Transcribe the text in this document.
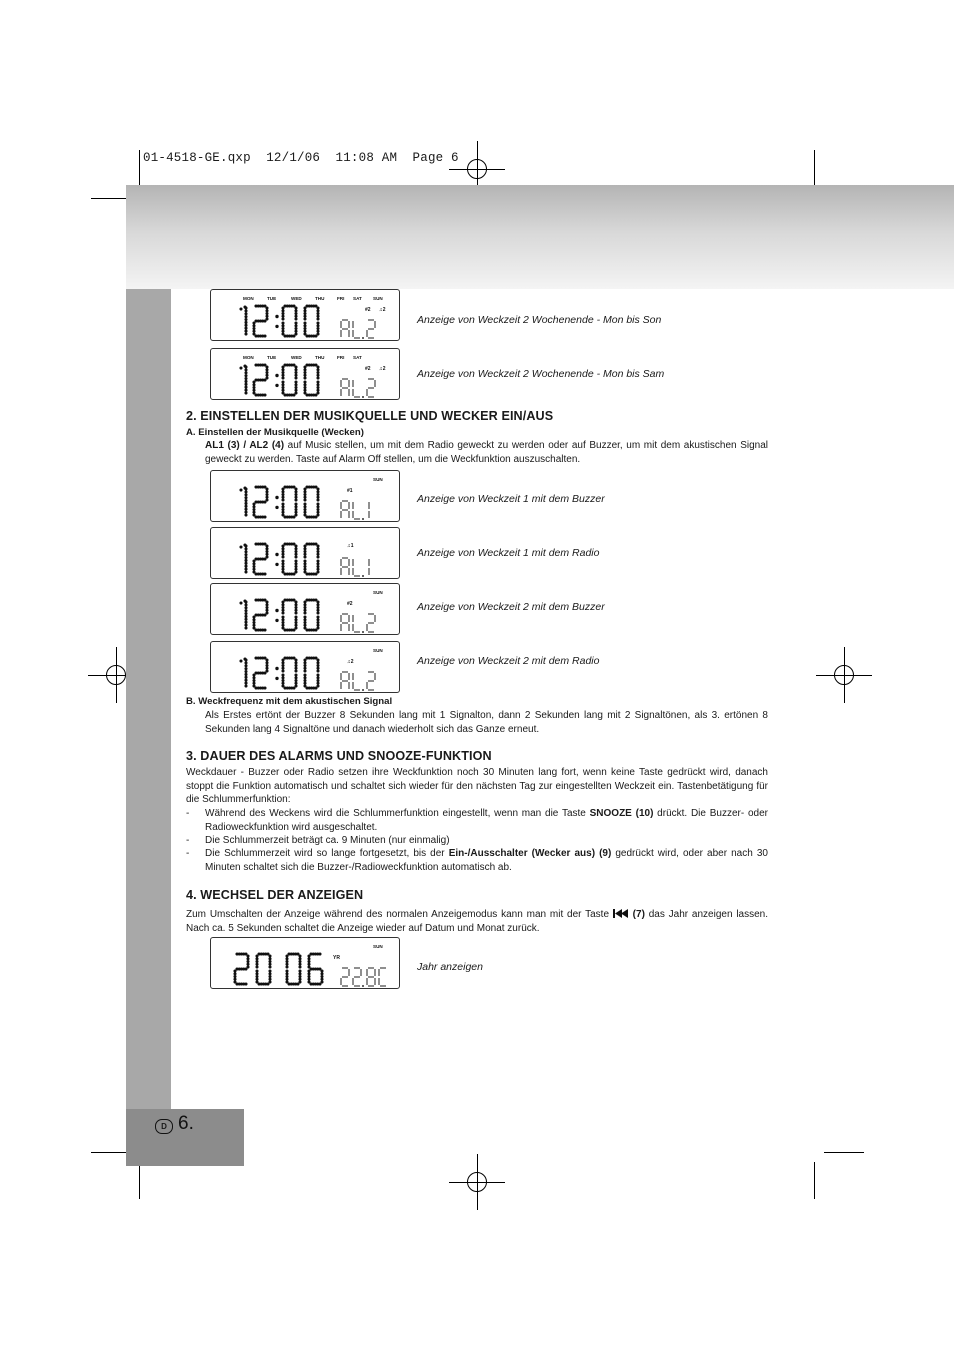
01-4518-GE.qxp  12/1/06  11:08 AM  Page 6
D 6.
MON	TUE	WED	THU	FRI SAT SUN
#2 ♫2
Anzeige von Weckzeit 2 Wochenende - Mon bis Son
MON	TUE	WED	THU	FRI SAT
#2 ♫2	Anzeige von Weckzeit 2 Wochenende - Mon bis Sam
2. EINSTELLEN DER MUSIKQUELLE UND WECKER EIN/AUS
A. Einstellen der Musikquelle (Wecken)
AL1 (3) / AL2 (4) auf Music stellen, um mit dem Radio geweckt zu werden oder auf Buzzer, um mit dem akustischen Signal geweckt zu werden. Taste auf Alarm Off stellen, um die Weckfunktion auszuschalten.
SUN
#1
Anzeige von Weckzeit 1 mit dem Buzzer
♫1
Anzeige von Weckzeit 1 mit dem Radio
SUN
#2	Anzeige von Weckzeit 2 mit dem Buzzer
SUN
♫2	Anzeige von Weckzeit 2 mit dem Radio
B. Weckfrequenz mit dem akustischen Signal
Als Erstes ertönt der Buzzer 8 Sekunden lang mit 1 Signalton, dann 2 Sekunden lang mit 2 Signaltönen, als 3. ertönen 8 Sekunden lang 4 Signaltöne und danach wiederholt sich das Ganze erneut.
3. DAUER DES ALARMS UND SNOOZE-FUNKTION
Weckdauer - Buzzer oder Radio setzen ihre Weckfunktion noch 30 Minuten lang fort, wenn keine Taste gedrückt wird, danach stoppt die Funktion automatisch und schaltet sich wieder für den nächsten Tag zur eingestellten Weckzeit ein. Tastenbetätigung für die Schlummerfunktion:
- Während des Weckens wird die Schlummerfunktion eingestellt, wenn man die Taste SNOOZE (10) drückt. Die Buzzer- oder Radioweckfunktion wird ausgeschaltet.
- Die Schlummerzeit beträgt ca. 9 Minuten (nur einmalig)
- Die Schlummerzeit wird so lange fortgesetzt, bis der Ein-/Ausschalter (Wecker aus) (9) gedrückt wird, oder aber nach 30 Minuten schaltet sich die Buzzer-/Radioweckfunktion automatisch ab.
4. WECHSEL DER ANZEIGEN
Zum Umschalten der Anzeige während des normalen Anzeigemodus kann man mit der Taste  (7) das Jahr anzeigen lassen. Nach ca. 5 Sekunden schaltet die Anzeige wieder auf Datum und Monat zurück.
SUN
YR
Jahr anzeigen
